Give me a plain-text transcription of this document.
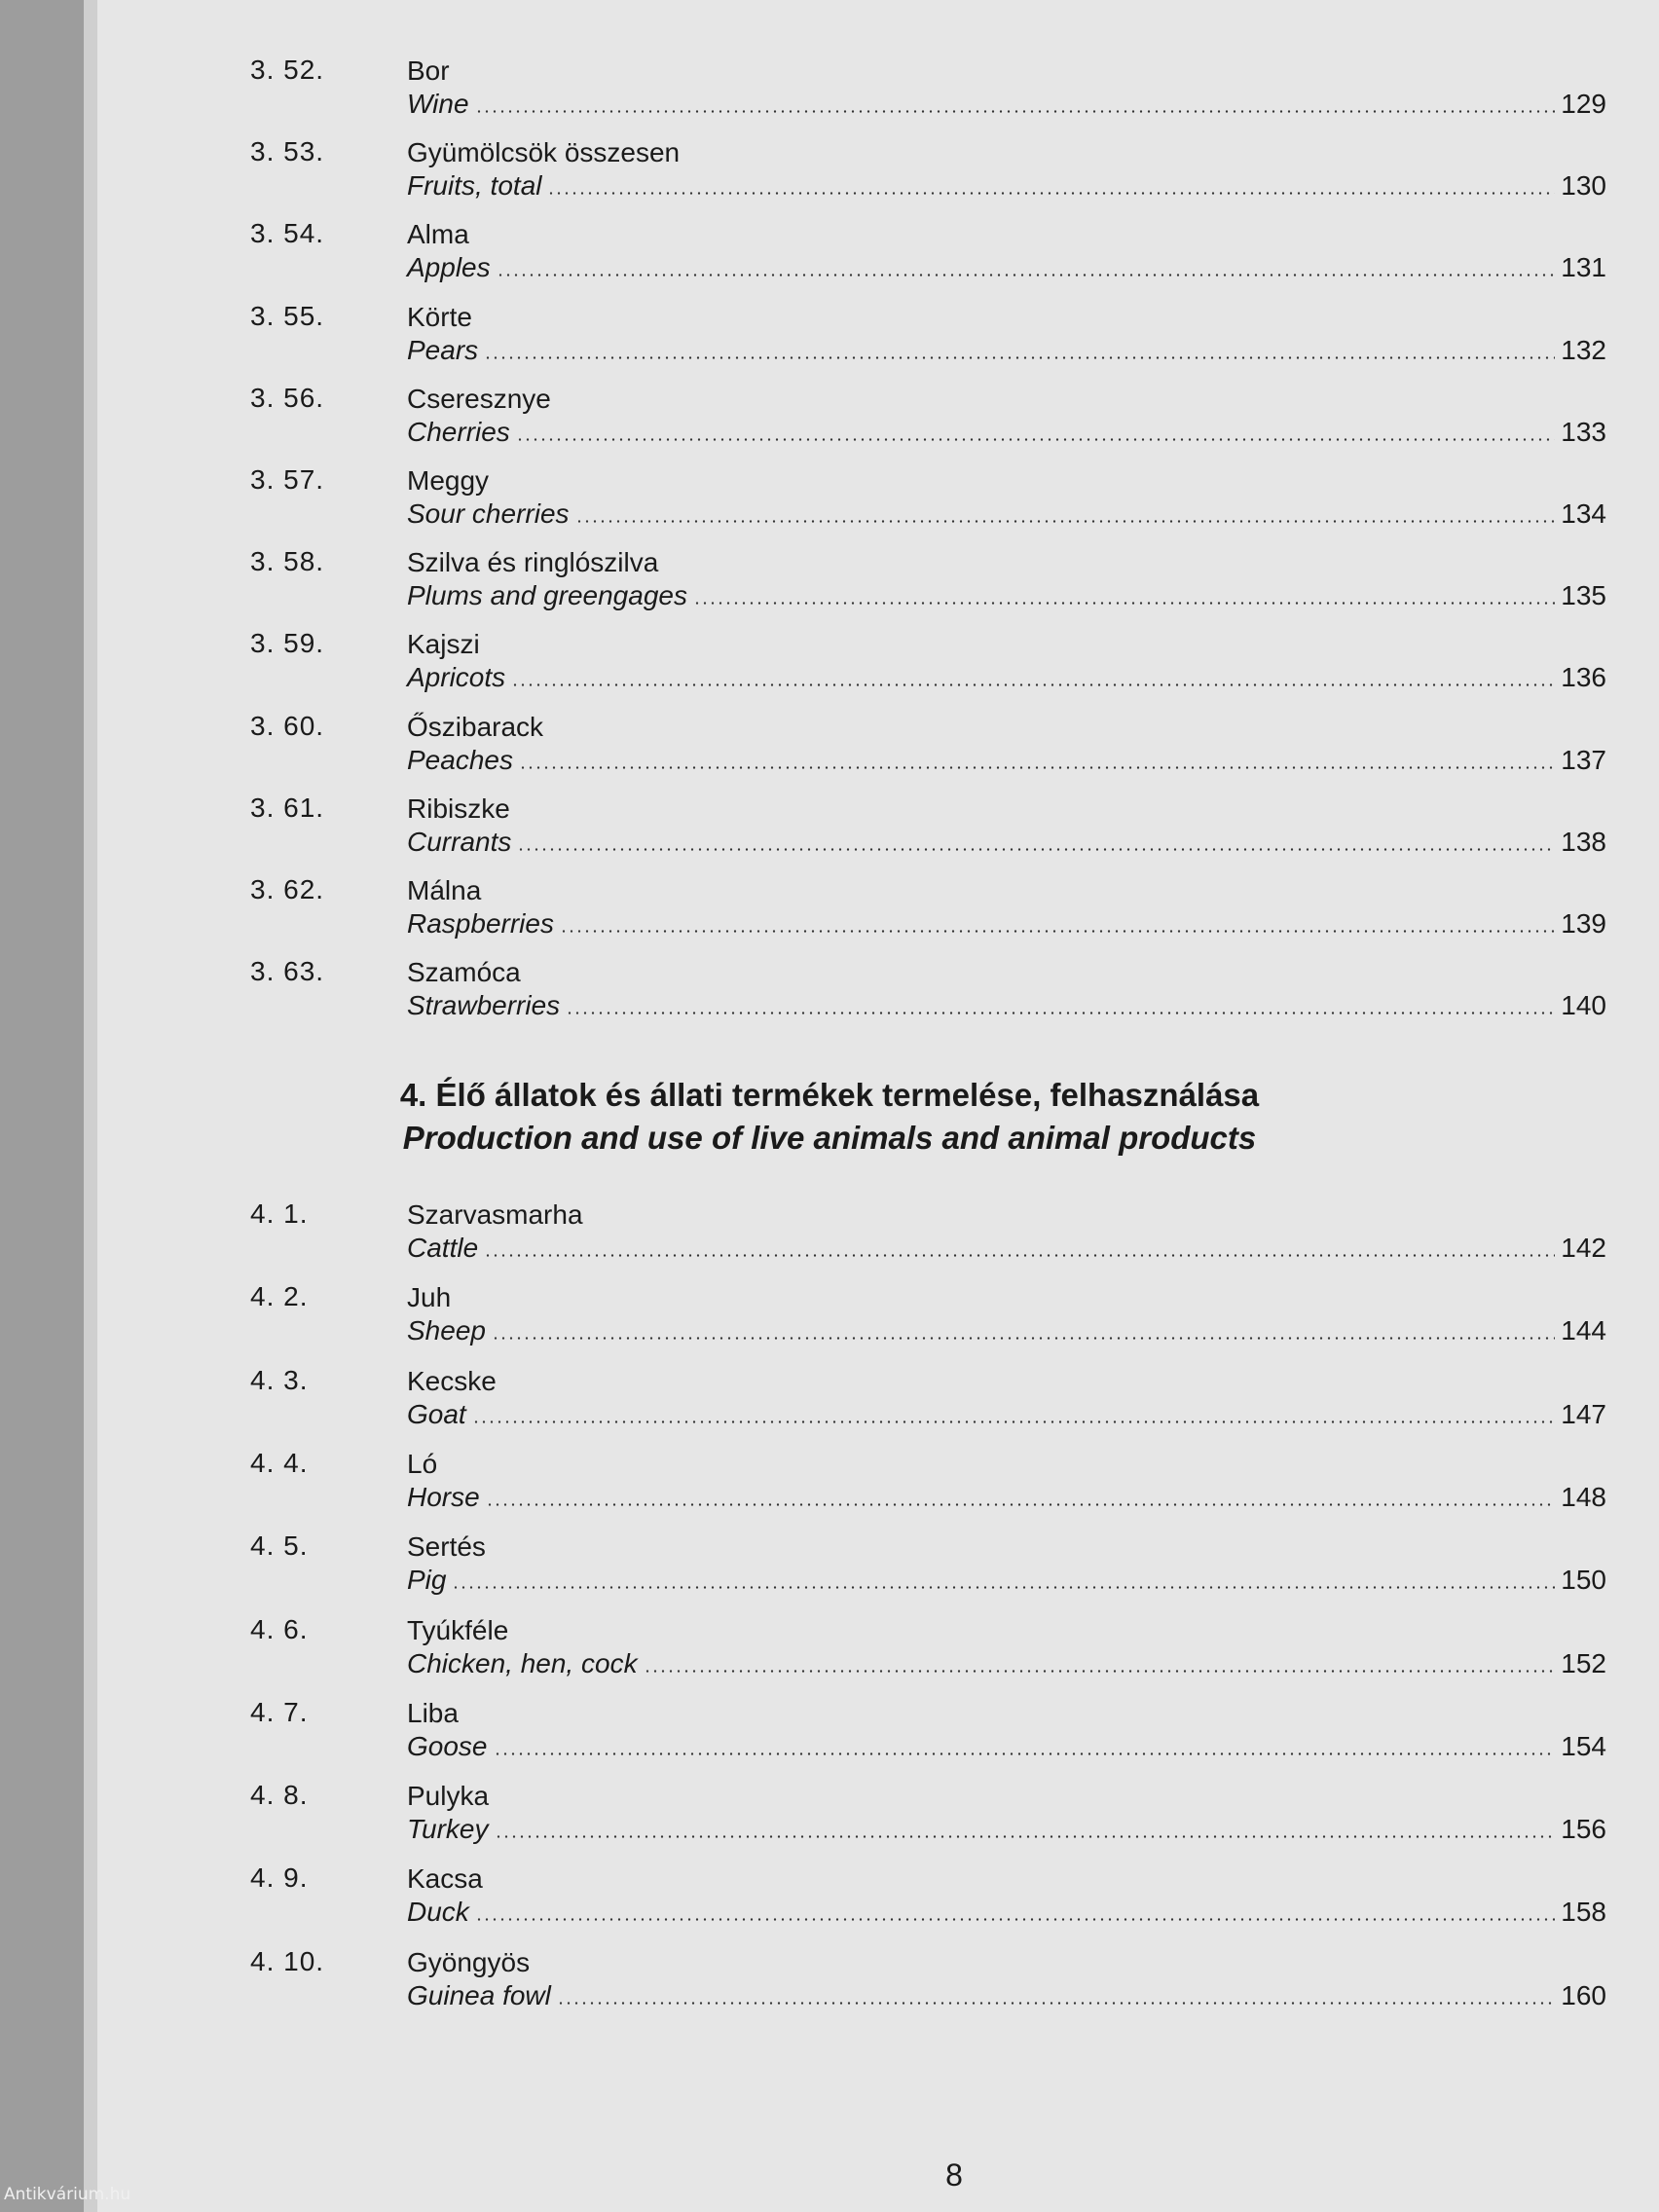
3. 52.	Bor
Wine	129
3. 53.	Gyümölcsök összesen
Fruits, total	130
3. 54.	Alma
Apples	131
3. 55.	Körte
Pears	132
3. 56.	Cseresznye
Cherries	133
3. 57.	Meggy
Sour cherries	134
3. 58.	Szilva és ringlószilva
Plums and greengages	135
3. 59.	Kajszi
Apricots	136
3. 60.	Őszibarack
Peaches	137
3. 61.	Ribiszke
Currants	138
3. 62.	Málna
Raspberries	139
3. 63.	Szamóca
Strawberries	140
4. Élő állatok és állati termékek termelése, felhasználása
Production and use of live animals and animal products
4. 1.	Szarvasmarha
Cattle	142
4. 2.	Juh
Sheep	144
4. 3.	Kecske
Goat	147
4. 4.	Ló
Horse	148
4. 5.	Sertés
Pig	150
4. 6.	Tyúkféle
Chicken, hen, cock	152
4. 7.	Liba
Goose	154
4. 8.	Pulyka
Turkey	156
4. 9.	Kacsa
Duck	158
4. 10.	Gyöngyös
Guinea fowl	160
8
Antikvárium.hu
